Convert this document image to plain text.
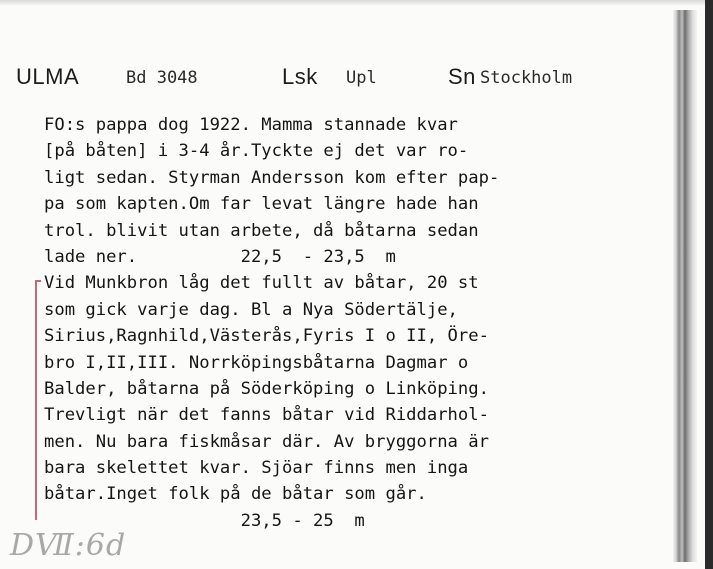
ULMA	Bd 3048	Lsk Upl	Sn Stockholm
FO:s pappa dog 1922. Mamma stannade kvar
[på båten] i 3-4 år.Tyckte ej det var ro-
ligt sedan. Styrman Andersson kom efter pap-
pa som kapten.Om far levat längre hade han
trol. blivit utan arbete, då båtarna sedan
lade ner.          22,5  - 23,5  m
Vid Munkbron låg det fullt av båtar, 20 st
som gick varje dag. Bl a Nya Södertälje,
Sirius,Ragnhild,Västerås,Fyris I o II, Öre-
bro I,II,III. Norrköpingsbåtarna Dagmar o
Balder, båtarna på Söderköping o Linköping.
Trevligt när det fanns båtar vid Riddarhol-
men. Nu bara fiskmåsar där. Av bryggorna är
bara skelettet kvar. Sjöar finns men inga
båtar.Inget folk på de båtar som går.
23,5 - 25  m
DⅦ:6d
